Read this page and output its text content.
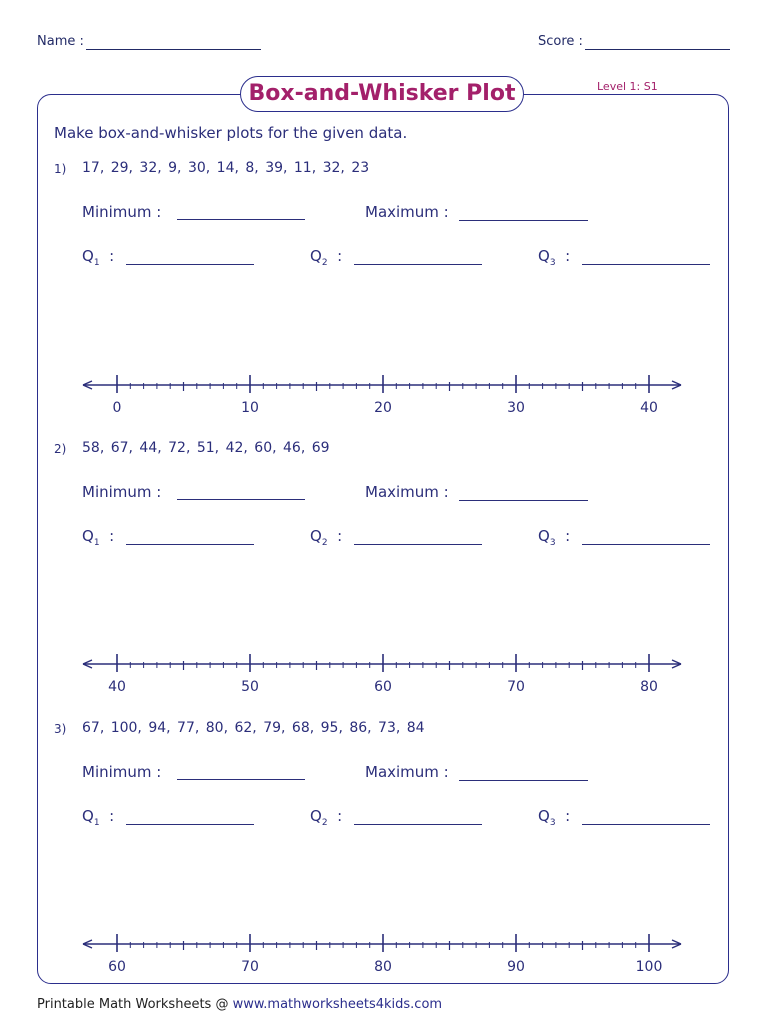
Name :	Score :
Box-and-Whisker Plot	Level 1: S1
Make box-and-whisker plots for the given data.
1) 17, 29, 32, 9, 30, 14, 8, 39, 11, 32, 23
Minimum :	Maximum :
$Q_1$ :	$Q_2$ :	$Q_3$ :
0	10	20	30	40
2) 58, 67, 44, 72, 51, 42, 60, 46, 69
Minimum :	Maximum :
$Q_1$ :	$Q_2$ :	$Q_3$ :
40	50	60	70	80
3) 67, 100, 94, 77, 80, 62, 79, 68, 95, 86, 73, 84
Minimum :	Maximum :
$Q_1$ :	$Q_2$ :	$Q_3$ :
60	70	80	90	100
Printable Math Worksheets @ www.mathworksheets4kids.com
